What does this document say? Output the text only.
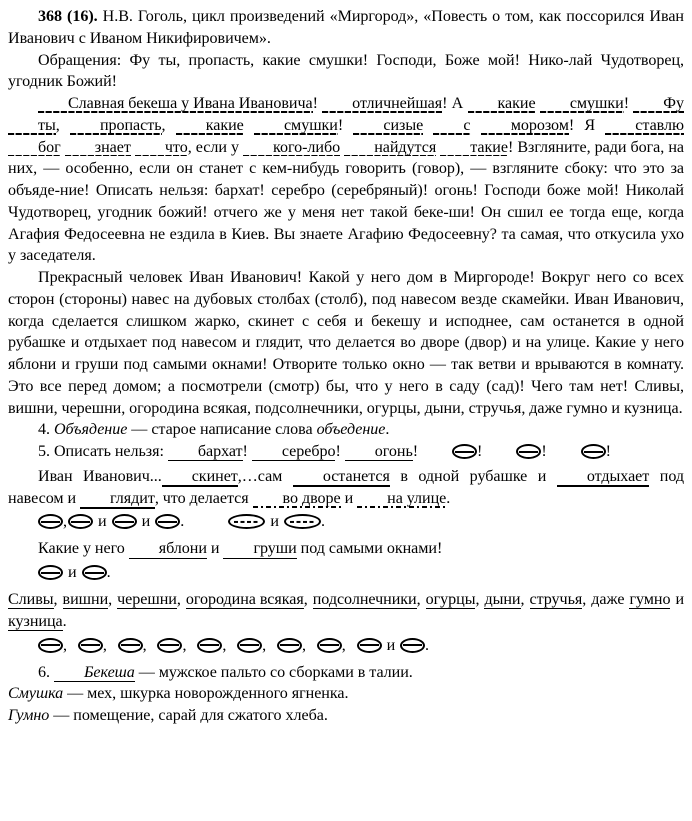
368 (16). Н.В. Гоголь, цикл произведений «Миргород», «Повесть о том, как поссорился Иван Иванович с Иваном Никифировичем».

Обращения: Фу ты, пропасть, какие смушки! Господи, Боже мой! Нико-лай Чудотворец, угодник Божий!

Славная бекеша у Ивана Ивановича! отличнейшая! А какие смушки! Фу ты, пропасть, какие смушки! сизые с морозом! Я ставлю бог знает что, если у кого-либо найдутся такие! Взгляните, ради бога, на них, — особенно, если он станет с кем-нибудь говорить (говор), — взгляните сбоку: что это за объяде-ние! Описать нельзя: бархат! серебро (серебряный)! огонь! Господи боже мой! Николай Чудотворец, угодник божий! отчего же у меня нет такой беке-ши! Он сшил ее тогда еще, когда Агафия Федосеевна не ездила в Киев. Вы знаете Агафию Федосеевну? та самая, что откусила ухо у заседателя.

Прекрасный человек Иван Иванович! Какой у него дом в Миргороде! Вокруг него со всех сторон (стороны) навес на дубовых столбах (столб), под навесом везде скамейки. Иван Иванович, когда сделается слишком жарко, скинет с себя и бекешу и исподнее, сам останется в одной рубашке и отдыхает под навесом и глядит, что делается во дворе (двор) и на улице. Какие у него яблони и груши под самыми окнами! Отворите только окно — так ветви и врываются в комнату. Это все перед домом; а посмотрели (смотр) бы, что у него в саду (сад)! Чего там нет! Сливы, вишни, черешни, огородина всякая, подсолнечники, огурцы, дыни, стручья, даже гумно и кузница.

4. Объядение — старое написание слова объедение.

5. Описать нельзя: бархат! серебро! огонь!	!	!	!

Иван Иванович... скинет,…сам останется в одной рубашке и отдыхает под навесом и глядит, что делается во дворе и на улице.

, и и .	и	.

Какие у него яблони и груши под самыми окнами!

и .

Сливы, вишни, черешни, огородина всякая, подсолнечники, огурцы, дыни, стручья, даже гумно и кузница.

, , , , , , , ,	и .

6. Бекеша — мужское пальто со сборками в талии.

Смушка — мех, шкурка новорожденного ягненка.

Гумно — помещение, сарай для сжатого хлеба.
